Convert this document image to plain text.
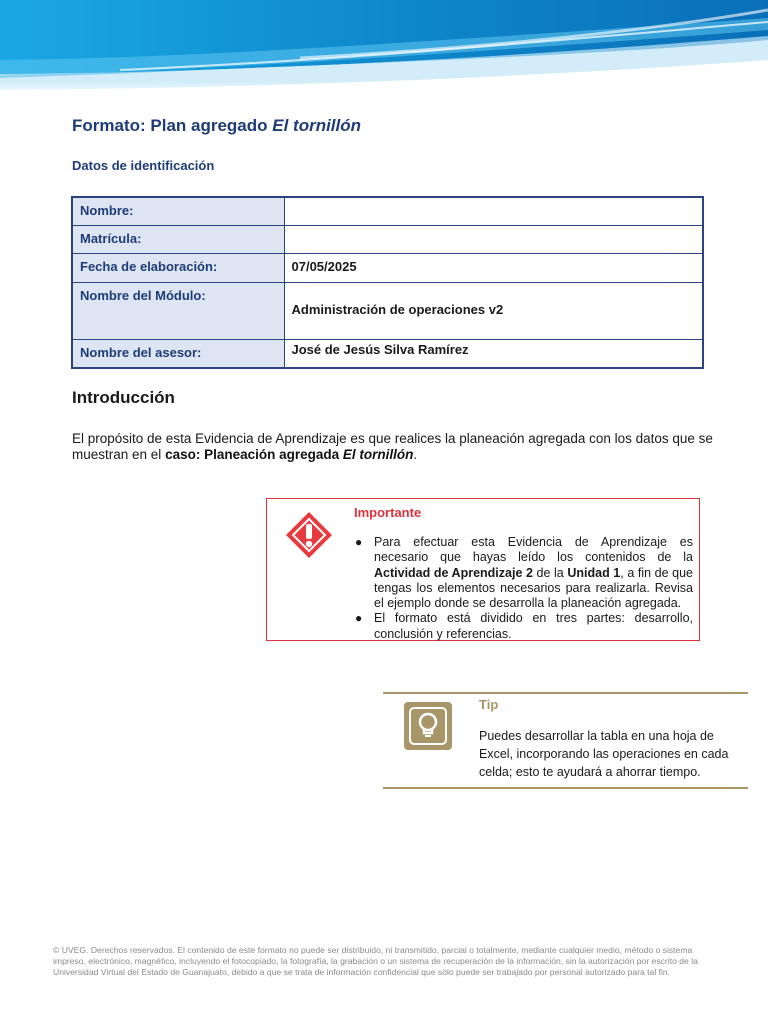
Formato: Plan agregado El tornillón
Datos de identificación
Nombre:	
Matrícula:	
Fecha de elaboración:	07/05/2025
Nombre del Módulo:	Administración de operaciones v2
Nombre del asesor:	José de Jesús Silva Ramírez
Introducción
El propósito de esta Evidencia de Aprendizaje es que realices la planeación agregada con los datos que se muestran en el caso: Planeación agregada El tornillón.
Importante
● Para efectuar esta Evidencia de Aprendizaje es necesario que hayas leído los contenidos de la Actividad de Aprendizaje 2 de la Unidad 1, a fin de que tengas los elementos necesarios para realizarla. Revisa el ejemplo donde se desarrolla la planeación agregada.
● El formato está dividido en tres partes: desarrollo, conclusión y referencias.
Tip
Puedes desarrollar la tabla en una hoja de Excel, incorporando las operaciones en cada celda; esto te ayudará a ahorrar tiempo.
© UVEG. Derechos reservados. El contenido de este formato no puede ser distribuido, ni transmitido, parcial o totalmente, mediante cualquier medio, método o sistema impreso, electrónico, magnético, incluyendo el fotocopiado, la fotografía, la grabación o un sistema de recuperación de la información, sin la autorización por escrito de la Universidad Virtual del Estado de Guanajuato, debido a que se trata de información confidencial que sólo puede ser trabajado por personal autorizado para tal fin.
